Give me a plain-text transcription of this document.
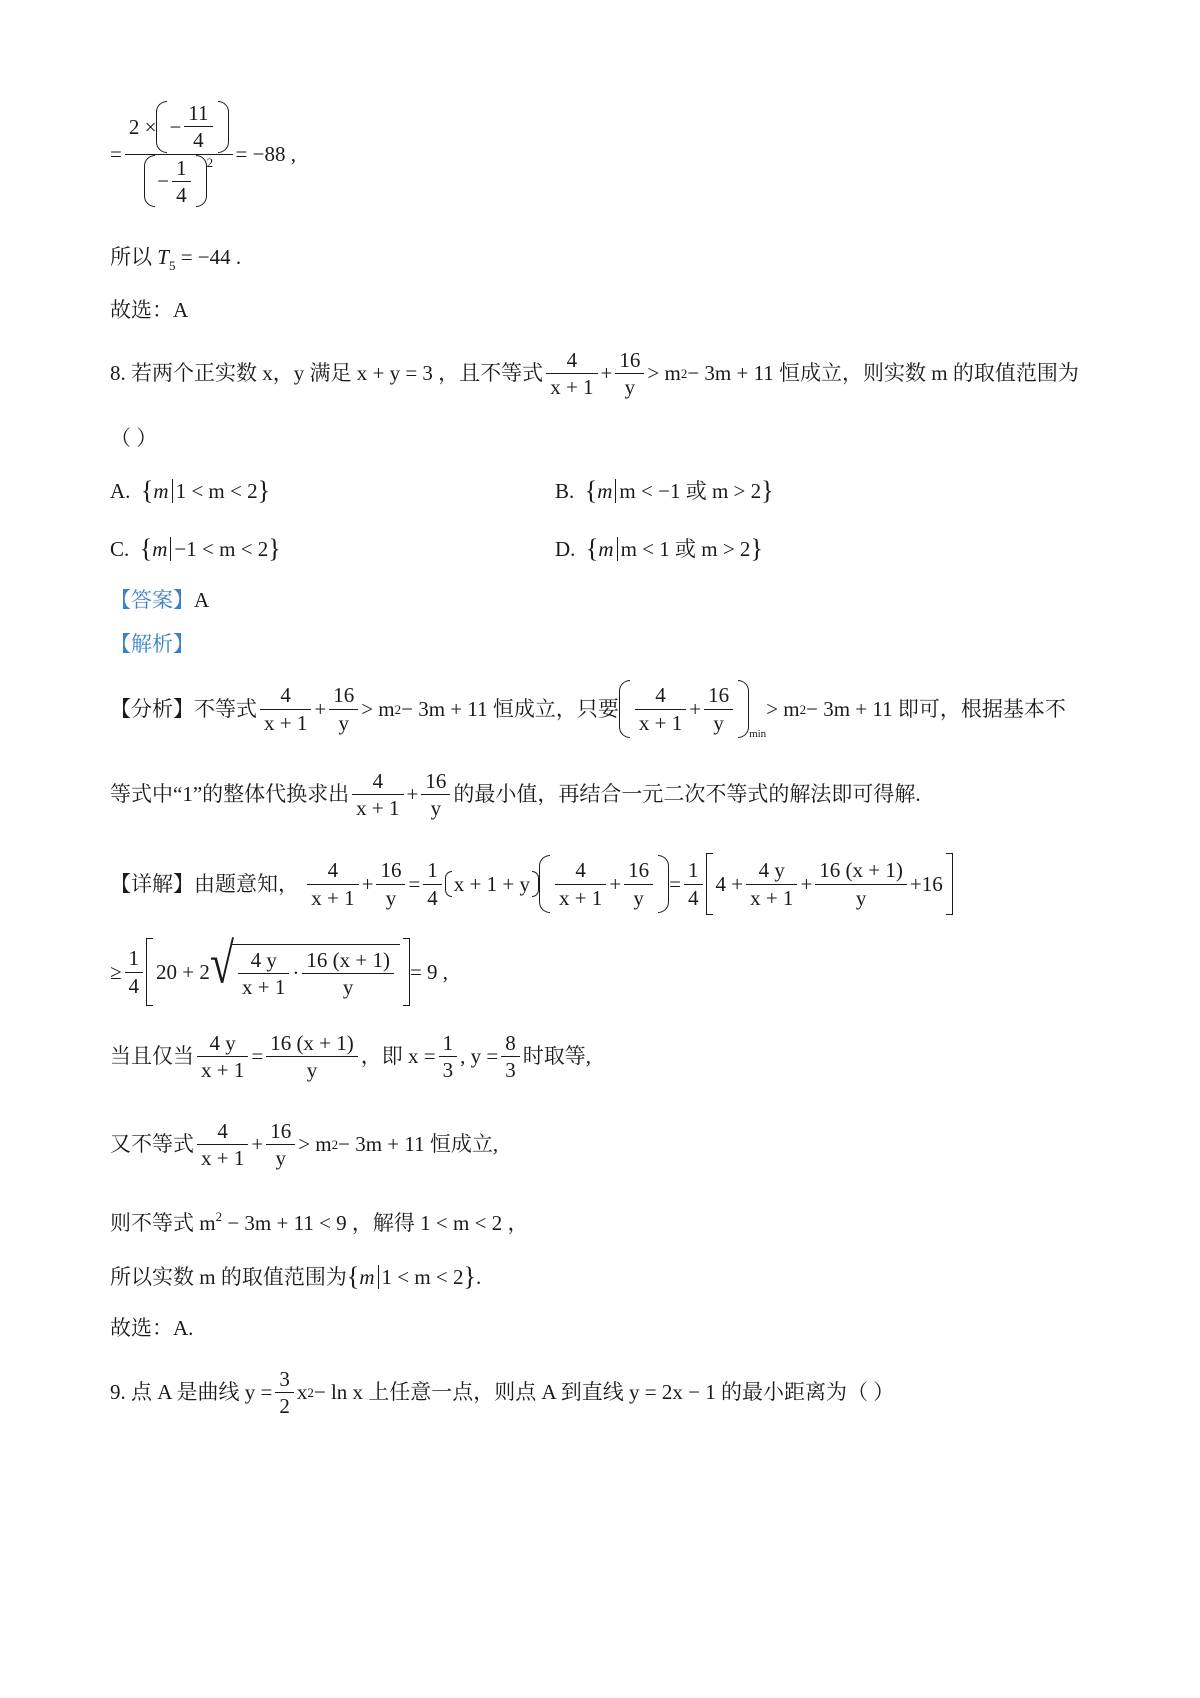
= $\frac{2 \times - \frac{11}{4}}{- \frac{1}{4} ^2} = -88$ ,
所以 $T_5 = -44$ .
故选：A
8. 若两个正实数 x，y 满足 x + y = 3 ，且不等式 $\frac{4}{x + 1} + \frac{16}{y} > m$ 2 − 3m + 11 恒成立，则实数 m 的取值范围为
（ ）
A.
{ m 1 < m < 2 }	B.
{ m m < −1 或 m > 2 }
C.
{ m −1 < m < 2 }	D.
{ m m < 1 或 m > 2 }
【答案】A
【解析】
【分析】 不等式 $\frac{4}{x + 1} + \frac{16}{y} > m$ 2 − 3m + 11 恒成立，只要 $\frac{4}{x + 1} + \frac{16}{y}$ min
> m 2 − 3m + 11 即可，根据基本不
等式中“1”的整体代换求出 $\frac{4}{x + 1} + \frac{16}{y}$ 的最小值，再结合一元二次不等式的解法即可得解.
【详解】 由题意知，
$\frac{4}{x + 1} + \frac{16}{y} = \frac{1}{4}$ x + 1 + y $\frac{4}{x + 1} + \frac{16}{y} = \frac{1}{4} 4 + \frac{4 y}{x + 1} + \frac{16 (x + 1)}{y} +16$
≥ $\frac{1}{4} 20 + 2$ √ $\frac{4 y}{x + 1} \cdot \frac{16 (x + 1)}{y} = 9$ ,
当且仅当 $\frac{4 y}{x + 1} = \frac{16 (x + 1)}{y}$ ，即 $x = \frac{1}{3}$ , $y = \frac{8}{3}$ 时取等,
又不等式 $\frac{4}{x + 1} + \frac{16}{y} > m$ 2 − 3m + 11 恒成立,
则不等式 $m^2 - 3m + 11 < 9$ ，解得 1 < m < 2 ，
所以实数 m 的取值范围为 { m 1 < m < 2 } .
故选：A.
9. 点 A 是曲线 $y = \frac{3}{2}$ x 2 − ln x 上任意一点，则点 A 到直线 y = 2x − 1 的最小距离为（ ）
